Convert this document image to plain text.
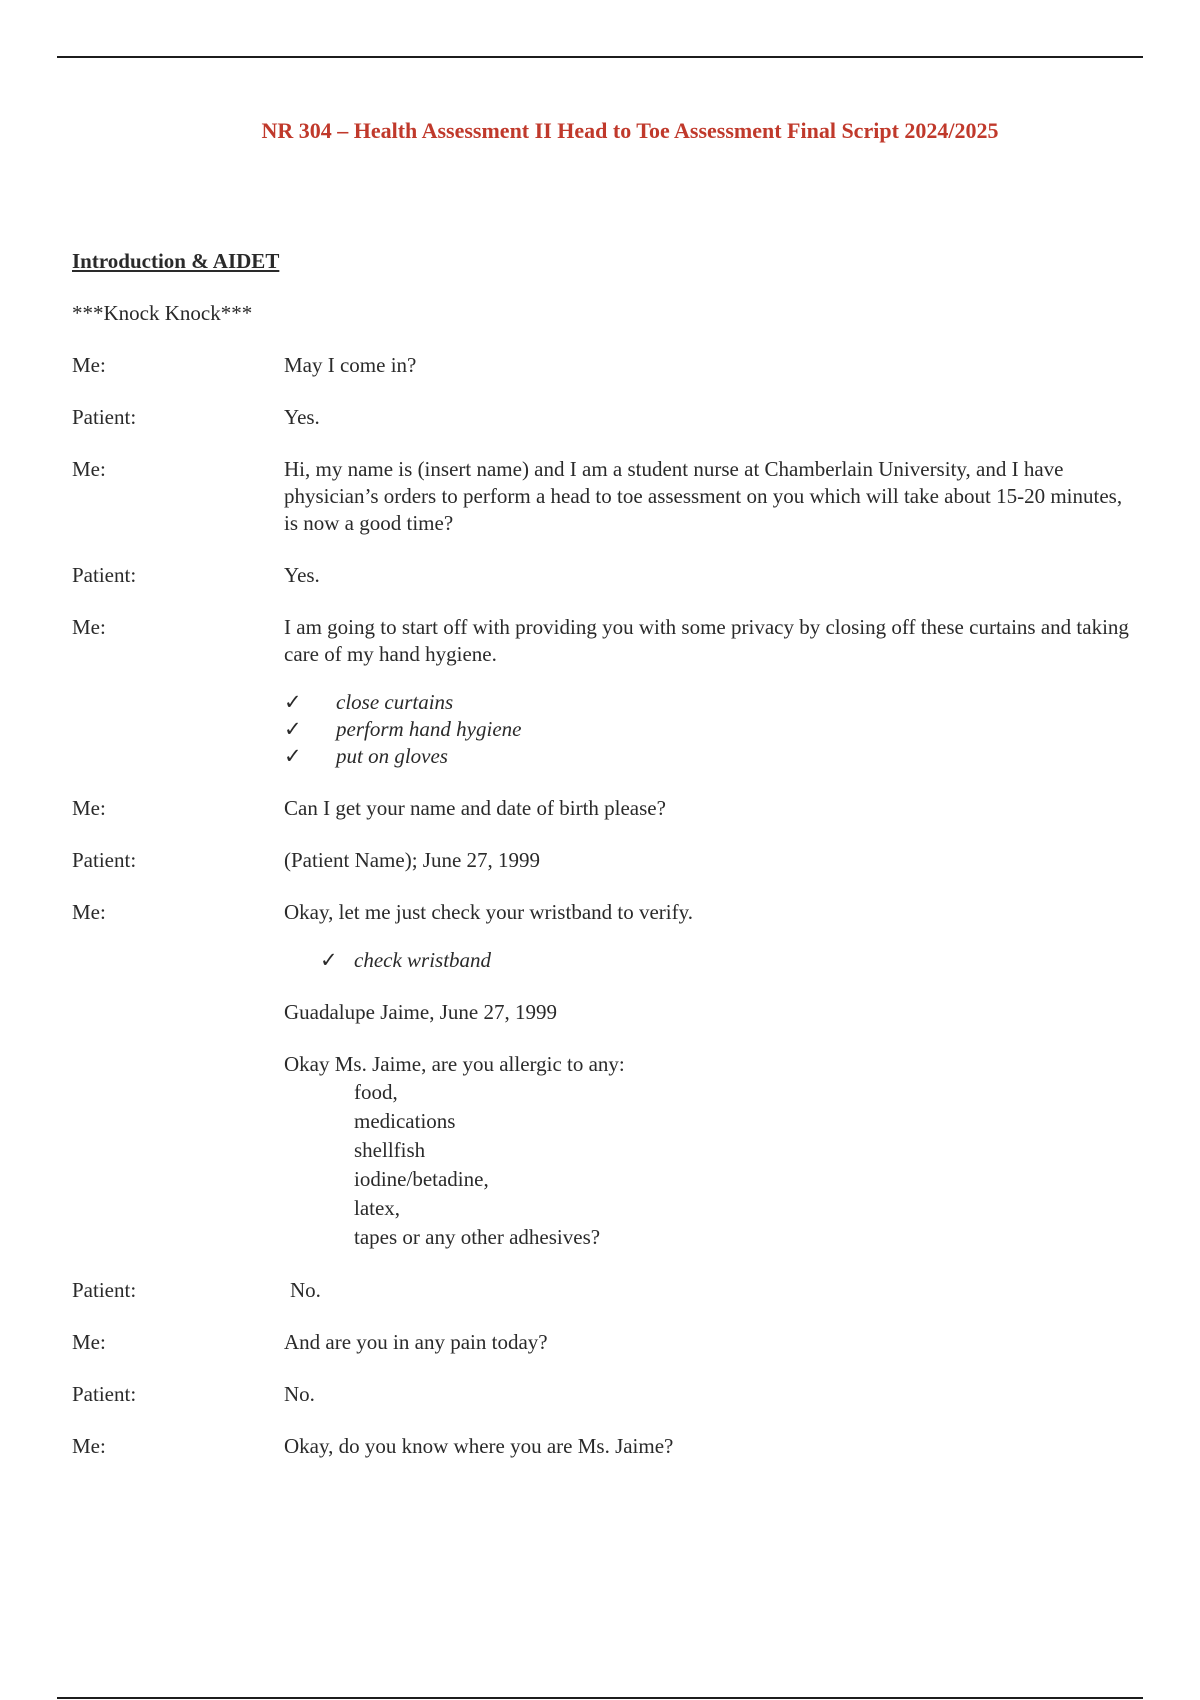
NR 304 – Health Assessment II Head to Toe Assessment Final Script 2024/2025
Introduction & AIDET
***Knock Knock***
Me:	May I come in?
Patient:	Yes.
Me:	Hi, my name is (insert name) and I am a student nurse at Chamberlain University, and I have physician’s orders to perform a head to toe assessment on you which will take about 15-20 minutes, is now a good time?
Patient:	Yes.
Me:	I am going to start off with providing you with some privacy by closing off these curtains and taking care of my hand hygiene.
✓	close curtains
✓	perform hand hygiene
✓	put on gloves
Me:	Can I get your name and date of birth please?
Patient:	(Patient Name); June 27, 1999
Me:	Okay, let me just check your wristband to verify.
✓ check wristband
Guadalupe Jaime, June 27, 1999
Okay Ms. Jaime, are you allergic to any:
food,
medications
shellfish
iodine/betadine,
latex,
tapes or any other adhesives?
Patient:	No.
Me:	And are you in any pain today?
Patient:	No.
Me:	Okay, do you know where you are Ms. Jaime?
